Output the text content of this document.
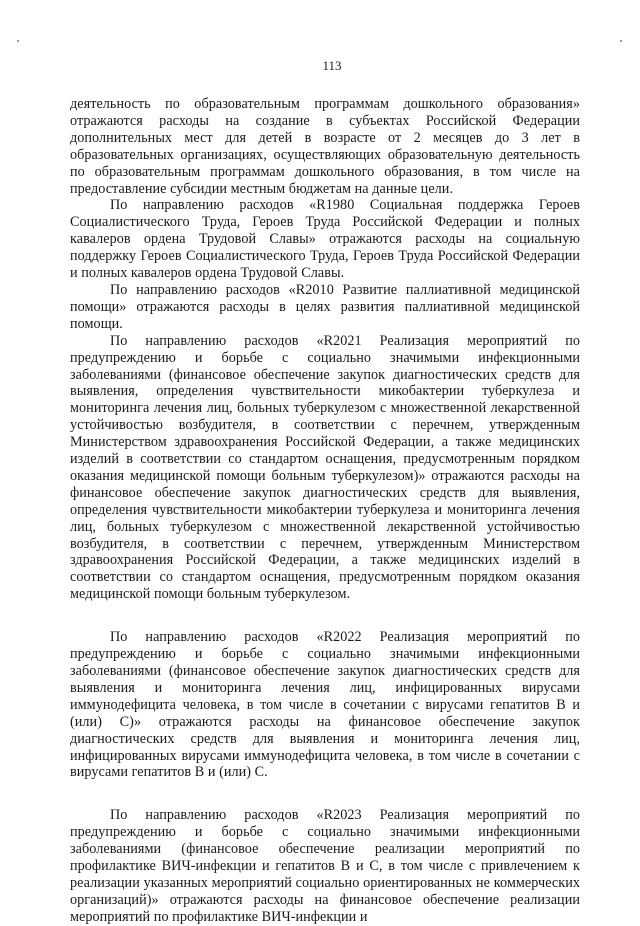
113

деятельность по образовательным программам дошкольного образования» отражаются расходы на создание в субъектах Российской Федерации дополнительных мест для детей в возрасте от 2 месяцев до 3 лет в образовательных организациях, осуществляющих образовательную деятельность по образовательным программам дошкольного образования, в том числе на предоставление субсидии местным бюджетам на данные цели.

По направлению расходов «R1980 Социальная поддержка Героев Социалистического Труда, Героев Труда Российской Федерации и полных кавалеров ордена Трудовой Славы» отражаются расходы на социальную поддержку Героев Социалистического Труда, Героев Труда Российской Федерации и полных кавалеров ордена Трудовой Славы.

По направлению расходов «R2010 Развитие паллиативной медицинской помощи» отражаются расходы в целях развития паллиативной медицинской помощи.

По направлению расходов «R2021 Реализация мероприятий по предупреждению и борьбе с социально значимыми инфекционными заболеваниями (финансовое обеспечение закупок диагностических средств для выявления, определения чувствительности микобактерии туберкулеза и мониторинга лечения лиц, больных туберкулезом с множественной лекарственной устойчивостью возбудителя, в соответствии с перечнем, утвержденным Министерством здравоохранения Российской Федерации, а также медицинских изделий в соответствии со стандартом оснащения, предусмотренным порядком оказания медицинской помощи больным туберкулезом)» отражаются расходы на финансовое обеспечение закупок диагностических средств для выявления, определения чувствительности микобактерии туберкулеза и мониторинга лечения лиц, больных туберкулезом с множественной лекарственной устойчивостью возбудителя, в соответствии с перечнем, утвержденным Министерством здравоохранения Российской Федерации, а также медицинских изделий в соответствии со стандартом оснащения, предусмотренным порядком оказания медицинской помощи больным туберкулезом.

По направлению расходов «R2022 Реализация мероприятий по предупреждению и борьбе с социально значимыми инфекционными заболеваниями (финансовое обеспечение закупок диагностических средств для выявления и мониторинга лечения лиц, инфицированных вирусами иммунодефицита человека, в том числе в сочетании с вирусами гепатитов В и (или) С)» отражаются расходы на финансовое обеспечение закупок диагностических средств для выявления и мониторинга лечения лиц, инфицированных вирусами иммунодефицита человека, в том числе в сочетании с вирусами гепатитов В и (или) С.

По направлению расходов «R2023 Реализация мероприятий по предупреждению и борьбе с социально значимыми инфекционными заболеваниями (финансовое обеспечение реализации мероприятий по профилактике ВИЧ-инфекции и гепатитов В и С, в том числе с привлечением к реализации указанных мероприятий социально ориентированных не коммерческих организаций)» отражаются расходы на финансовое обеспечение реализации мероприятий по профилактике ВИЧ-инфекции и
